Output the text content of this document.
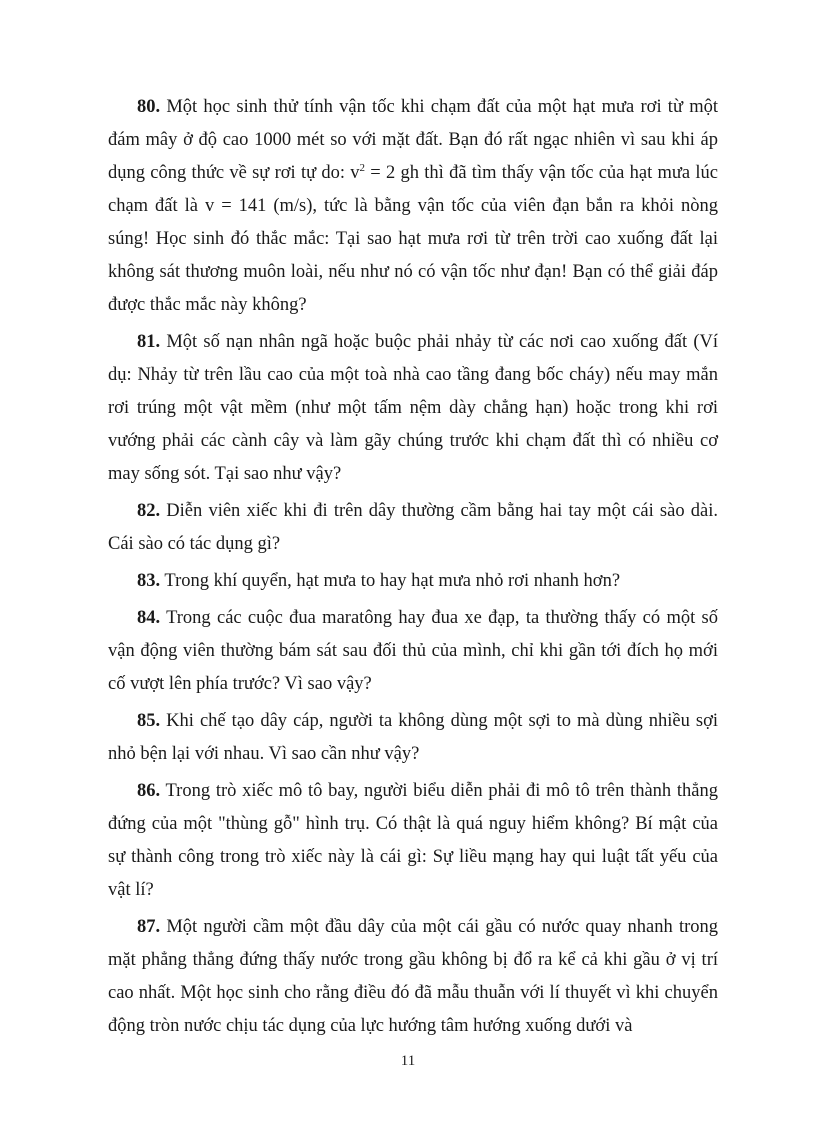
80. Một học sinh thử tính vận tốc khi chạm đất của một hạt mưa rơi từ một đám mây ở độ cao 1000 mét so với mặt đất. Bạn đó rất ngạc nhiên vì sau khi áp dụng công thức về sự rơi tự do: $v^2 = 2$ gh thì đã tìm thấy vận tốc của hạt mưa lúc chạm đất là v = 141 (m/s), tức là bằng vận tốc của viên đạn bắn ra khỏi nòng súng! Học sinh đó thắc mắc: Tại sao hạt mưa rơi từ trên trời cao xuống đất lại không sát thương muôn loài, nếu như nó có vận tốc như đạn! Bạn có thể giải đáp được thắc mắc này không?

81. Một số nạn nhân ngã hoặc buộc phải nhảy từ các nơi cao xuống đất (Ví dụ: Nhảy từ trên lầu cao của một toà nhà cao tầng đang bốc cháy) nếu may mắn rơi trúng một vật mềm (như một tấm nệm dày chẳng hạn) hoặc trong khi rơi vướng phải các cành cây và làm gãy chúng trước khi chạm đất thì có nhiều cơ may sống sót. Tại sao như vậy?

82. Diễn viên xiếc khi đi trên dây thường cầm bằng hai tay một cái sào dài. Cái sào có tác dụng gì?

83. Trong khí quyển, hạt mưa to hay hạt mưa nhỏ rơi nhanh hơn?

84. Trong các cuộc đua maratông hay đua xe đạp, ta thường thấy có một số vận động viên thường bám sát sau đối thủ của mình, chỉ khi gần tới đích họ mới cố vượt lên phía trước? Vì sao vậy?

85. Khi chế tạo dây cáp, người ta không dùng một sợi to mà dùng nhiều sợi nhỏ bện lại với nhau. Vì sao cần như vậy?

86. Trong trò xiếc mô tô bay, người biểu diễn phải đi mô tô trên thành thẳng đứng của một "thùng gỗ" hình trụ. Có thật là quá nguy hiểm không? Bí mật của sự thành công trong trò xiếc này là cái gì: Sự liều mạng hay qui luật tất yếu của vật lí?

87. Một người cầm một đầu dây của một cái gầu có nước quay nhanh trong mặt phẳng thẳng đứng thấy nước trong gầu không bị đổ ra kể cả khi gầu ở vị trí cao nhất. Một học sinh cho rằng điều đó đã mẫu thuẫn với lí thuyết vì khi chuyển động tròn nước chịu tác dụng của lực hướng tâm hướng xuống dưới và

11
